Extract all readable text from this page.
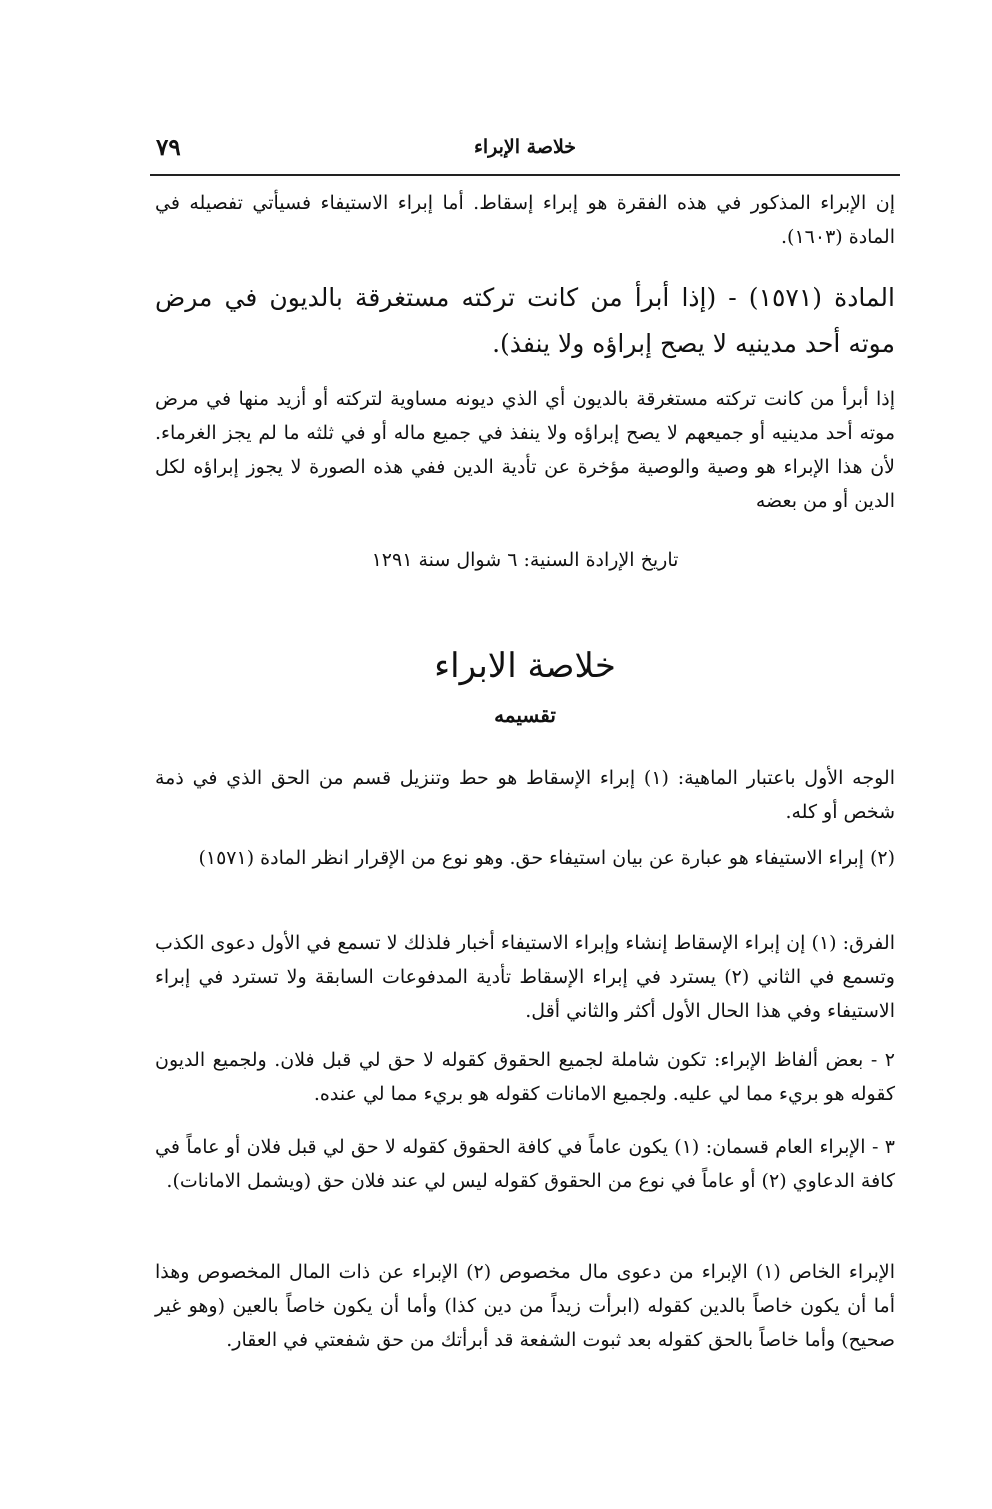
٧٩	خلاصة الإبراء
إن الإبراء المذكور في هذه الفقرة هو إبراء إسقاط. أما إبراء الاستيفاء فسيأتي تفصيله في المادة (١٦٠٣).
المادة (١٥٧١) - (إذا أبرأ من كانت تركته مستغرقة بالديون في مرض موته أحد مدينيه لا يصح إبراؤه ولا ينفذ).
إذا أبرأ من كانت تركته مستغرقة بالديون أي الذي ديونه مساوية لتركته أو أزيد منها في مرض موته أحد مدينيه أو جميعهم لا يصح إبراؤه ولا ينفذ في جميع ماله أو في ثلثه ما لم يجز الغرماء. لأن هذا الإبراء هو وصية والوصية مؤخرة عن تأدية الدين ففي هذه الصورة لا يجوز إبراؤه لكل الدين أو من بعضه
تاريخ الإرادة السنية: ٦ شوال سنة ١٢٩١
خلاصة الابراء
تقسيمه
الوجه الأول باعتبار الماهية: (١) إبراء الإسقاط هو حط وتنزيل قسم من الحق الذي في ذمة شخص أو كله.
(٢) إبراء الاستيفاء هو عبارة عن بيان استيفاء حق. وهو نوع من الإقرار انظر المادة (١٥٧١)
الفرق: (١) إن إبراء الإسقاط إنشاء وإبراء الاستيفاء أخبار فلذلك لا تسمع في الأول دعوى الكذب وتسمع في الثاني (٢) يسترد في إبراء الإسقاط تأدية المدفوعات السابقة ولا تسترد في إبراء الاستيفاء وفي هذا الحال الأول أكثر والثاني أقل.
٢ - بعض ألفاظ الإبراء: تكون شاملة لجميع الحقوق كقوله لا حق لي قبل فلان. ولجميع الديون كقوله هو بريء مما لي عليه. ولجميع الامانات كقوله هو بريء مما لي عنده.
٣ - الإبراء العام قسمان: (١) يكون عاماً في كافة الحقوق كقوله لا حق لي قبل فلان أو عاماً في كافة الدعاوي (٢) أو عاماً في نوع من الحقوق كقوله ليس لي عند فلان حق (ويشمل الامانات).
الإبراء الخاص (١) الإبراء من دعوى مال مخصوص (٢) الإبراء عن ذات المال المخصوص وهذا أما أن يكون خاصاً بالدين كقوله (ابرأت زيداً من دين كذا) وأما أن يكون خاصاً بالعين (وهو غير صحيح) وأما خاصاً بالحق كقوله بعد ثبوت الشفعة قد أبرأتك من حق شفعتي في العقار.
